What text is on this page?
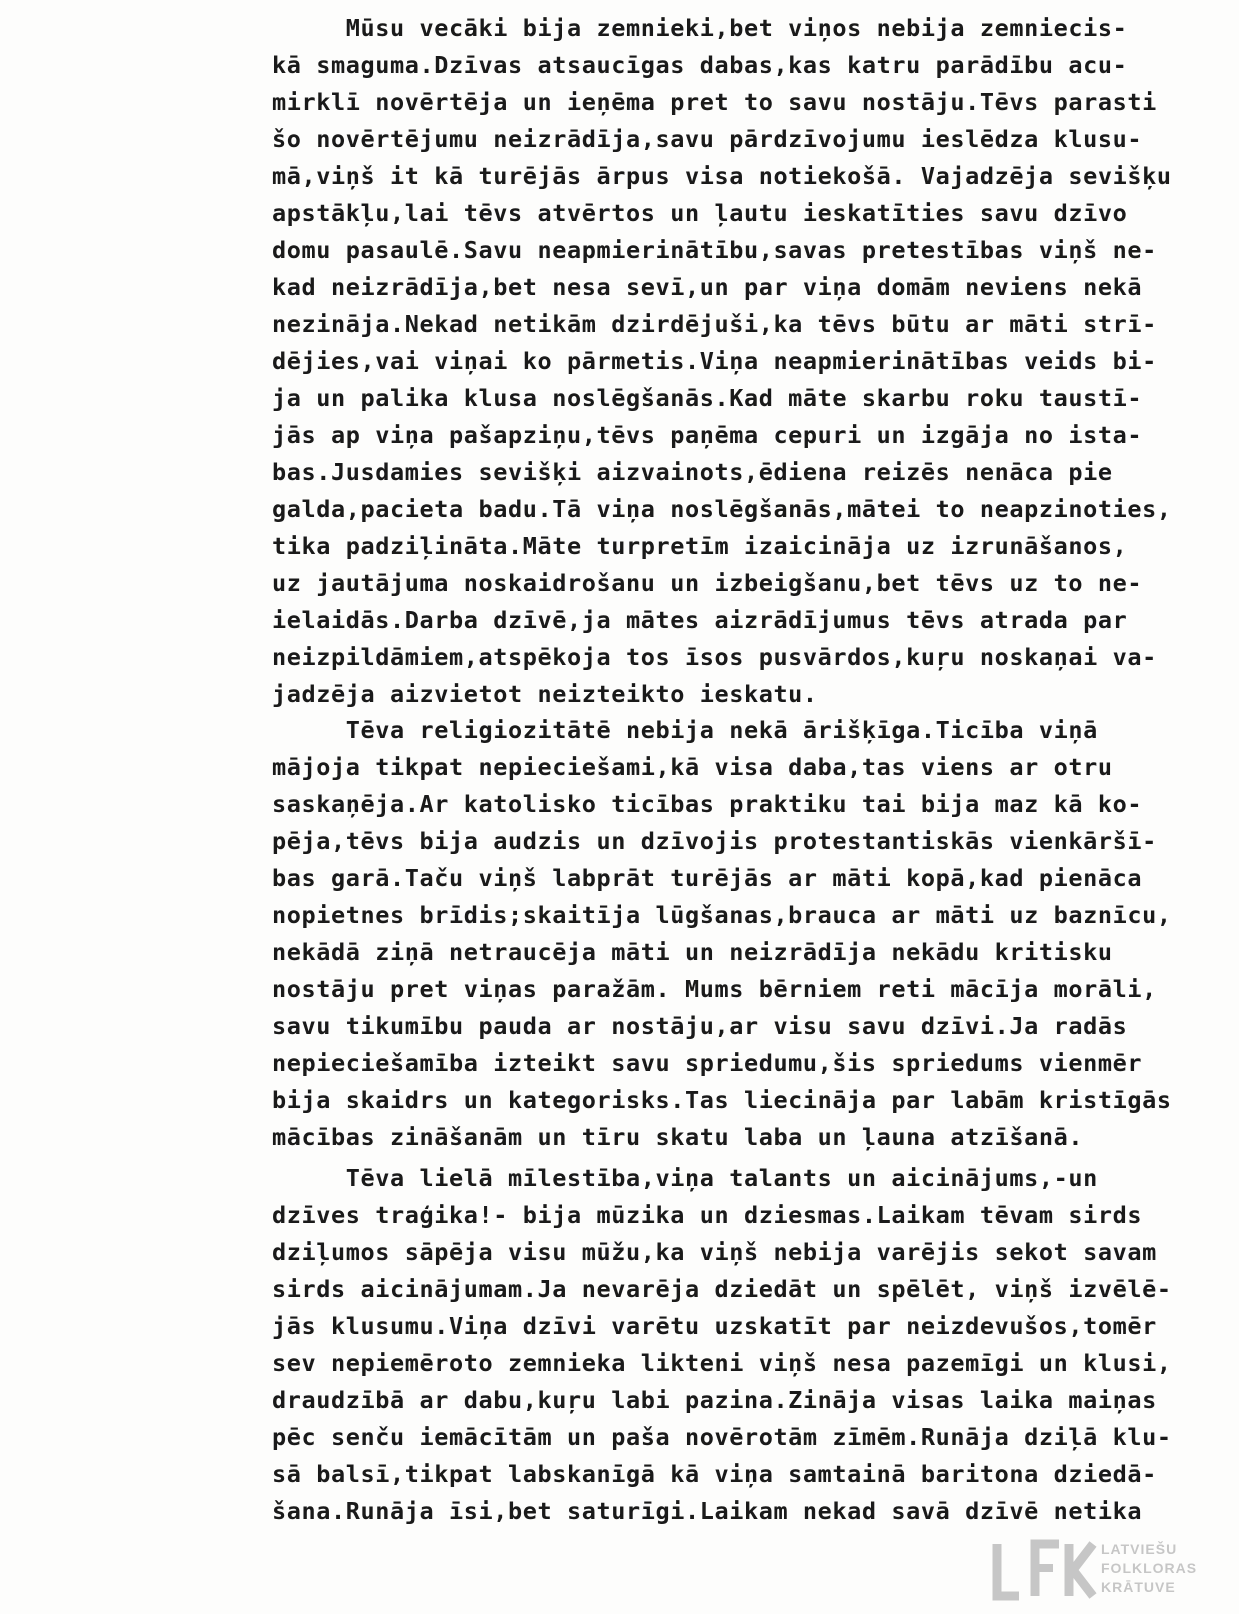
Mūsu vecāki bija zemnieki,bet viņos nebija zemniecis-
kā smaguma.Dzīvas atsaucīgas dabas,kas katru parādību acu-
mirklī novērtēja un ieņēma pret to savu nostāju.Tēvs parasti
šo novērtējumu neizrādīja,savu pārdzīvojumu ieslēdza klusu-
mā,viņš it kā turējās ārpus visa notiekošā. Vajadzēja sevišķu
apstākļu,lai tēvs atvērtos un ļautu ieskatīties savu dzīvo
domu pasaulē.Savu neapmierinātību,savas pretestības viņš ne-
kad neizrādīja,bet nesa sevī,un par viņa domām neviens nekā
nezināja.Nekad netikām dzirdējuši,ka tēvs būtu ar māti strī-
dējies,vai viņai ko pārmetis.Viņa neapmierinātības veids bi-
ja un palika klusa noslēgšanās.Kad māte skarbu roku taustī-
jās ap viņa pašapziņu,tēvs paņēma cepuri un izgāja no ista-
bas.Jusdamies sevišķi aizvainots,ēdiena reizēs nenāca pie
galda,pacieta badu.Tā viņa noslēgšanās,mātei to neapzinoties,
tika padziļināta.Māte turpretīm izaicināja uz izrunāšanos,
uz jautājuma noskaidrošanu un izbeigšanu,bet tēvs uz to ne-
ielaidās.Darba dzīvē,ja mātes aizrādījumus tēvs atrada par
neizpildāmiem,atspēkoja tos īsos pusvārdos,kuŗu noskaņai va-
jadzēja aizvietot neizteikto ieskatu.
Tēva religiozitātē nebija nekā ārišķīga.Ticība viņā
mājoja tikpat nepieciešami,kā visa daba,tas viens ar otru
saskaņēja.Ar katolisko ticības praktiku tai bija maz kā ko-
pēja,tēvs bija audzis un dzīvojis protestantiskās vienkāršī-
bas garā.Taču viņš labprāt turējās ar māti kopā,kad pienāca
nopietnes brīdis;skaitīja lūgšanas,brauca ar māti uz baznīcu,
nekādā ziņā netraucēja māti un neizrādīja nekādu kritisku
nostāju pret viņas paražām. Mums bērniem reti mācīja morāli,
savu tikumību pauda ar nostāju,ar visu savu dzīvi.Ja radās
nepieciešamība izteikt savu spriedumu,šis spriedums vienmēr
bija skaidrs un kategorisks.Tas liecināja par labām kristīgās
mācības zināšanām un tīru skatu laba un ļauna atzīšanā.
Tēva lielā mīlestība,viņa talants un aicinājums,-un
dzīves traģika!- bija mūzika un dziesmas.Laikam tēvam sirds
dziļumos sāpēja visu mūžu,ka viņš nebija varējis sekot savam
sirds aicinājumam.Ja nevarēja dziedāt un spēlēt, viņš izvēlē-
jās klusumu.Viņa dzīvi varētu uzskatīt par neizdevušos,tomēr
sev nepiemēroto zemnieka likteni viņš nesa pazemīgi un klusi,
draudzībā ar dabu,kuŗu labi pazina.Zināja visas laika maiņas
pēc senču iemācītām un paša novērotām zīmēm.Runāja dziļā klu-
sā balsī,tikpat labskanīgā kā viņa samtainā baritona dziedā-
šana.Runāja īsi,bet saturīgi.Laikam nekad savā dzīvē netika
LATVIEŠU
FOLKLORAS
KRĀTUVE
